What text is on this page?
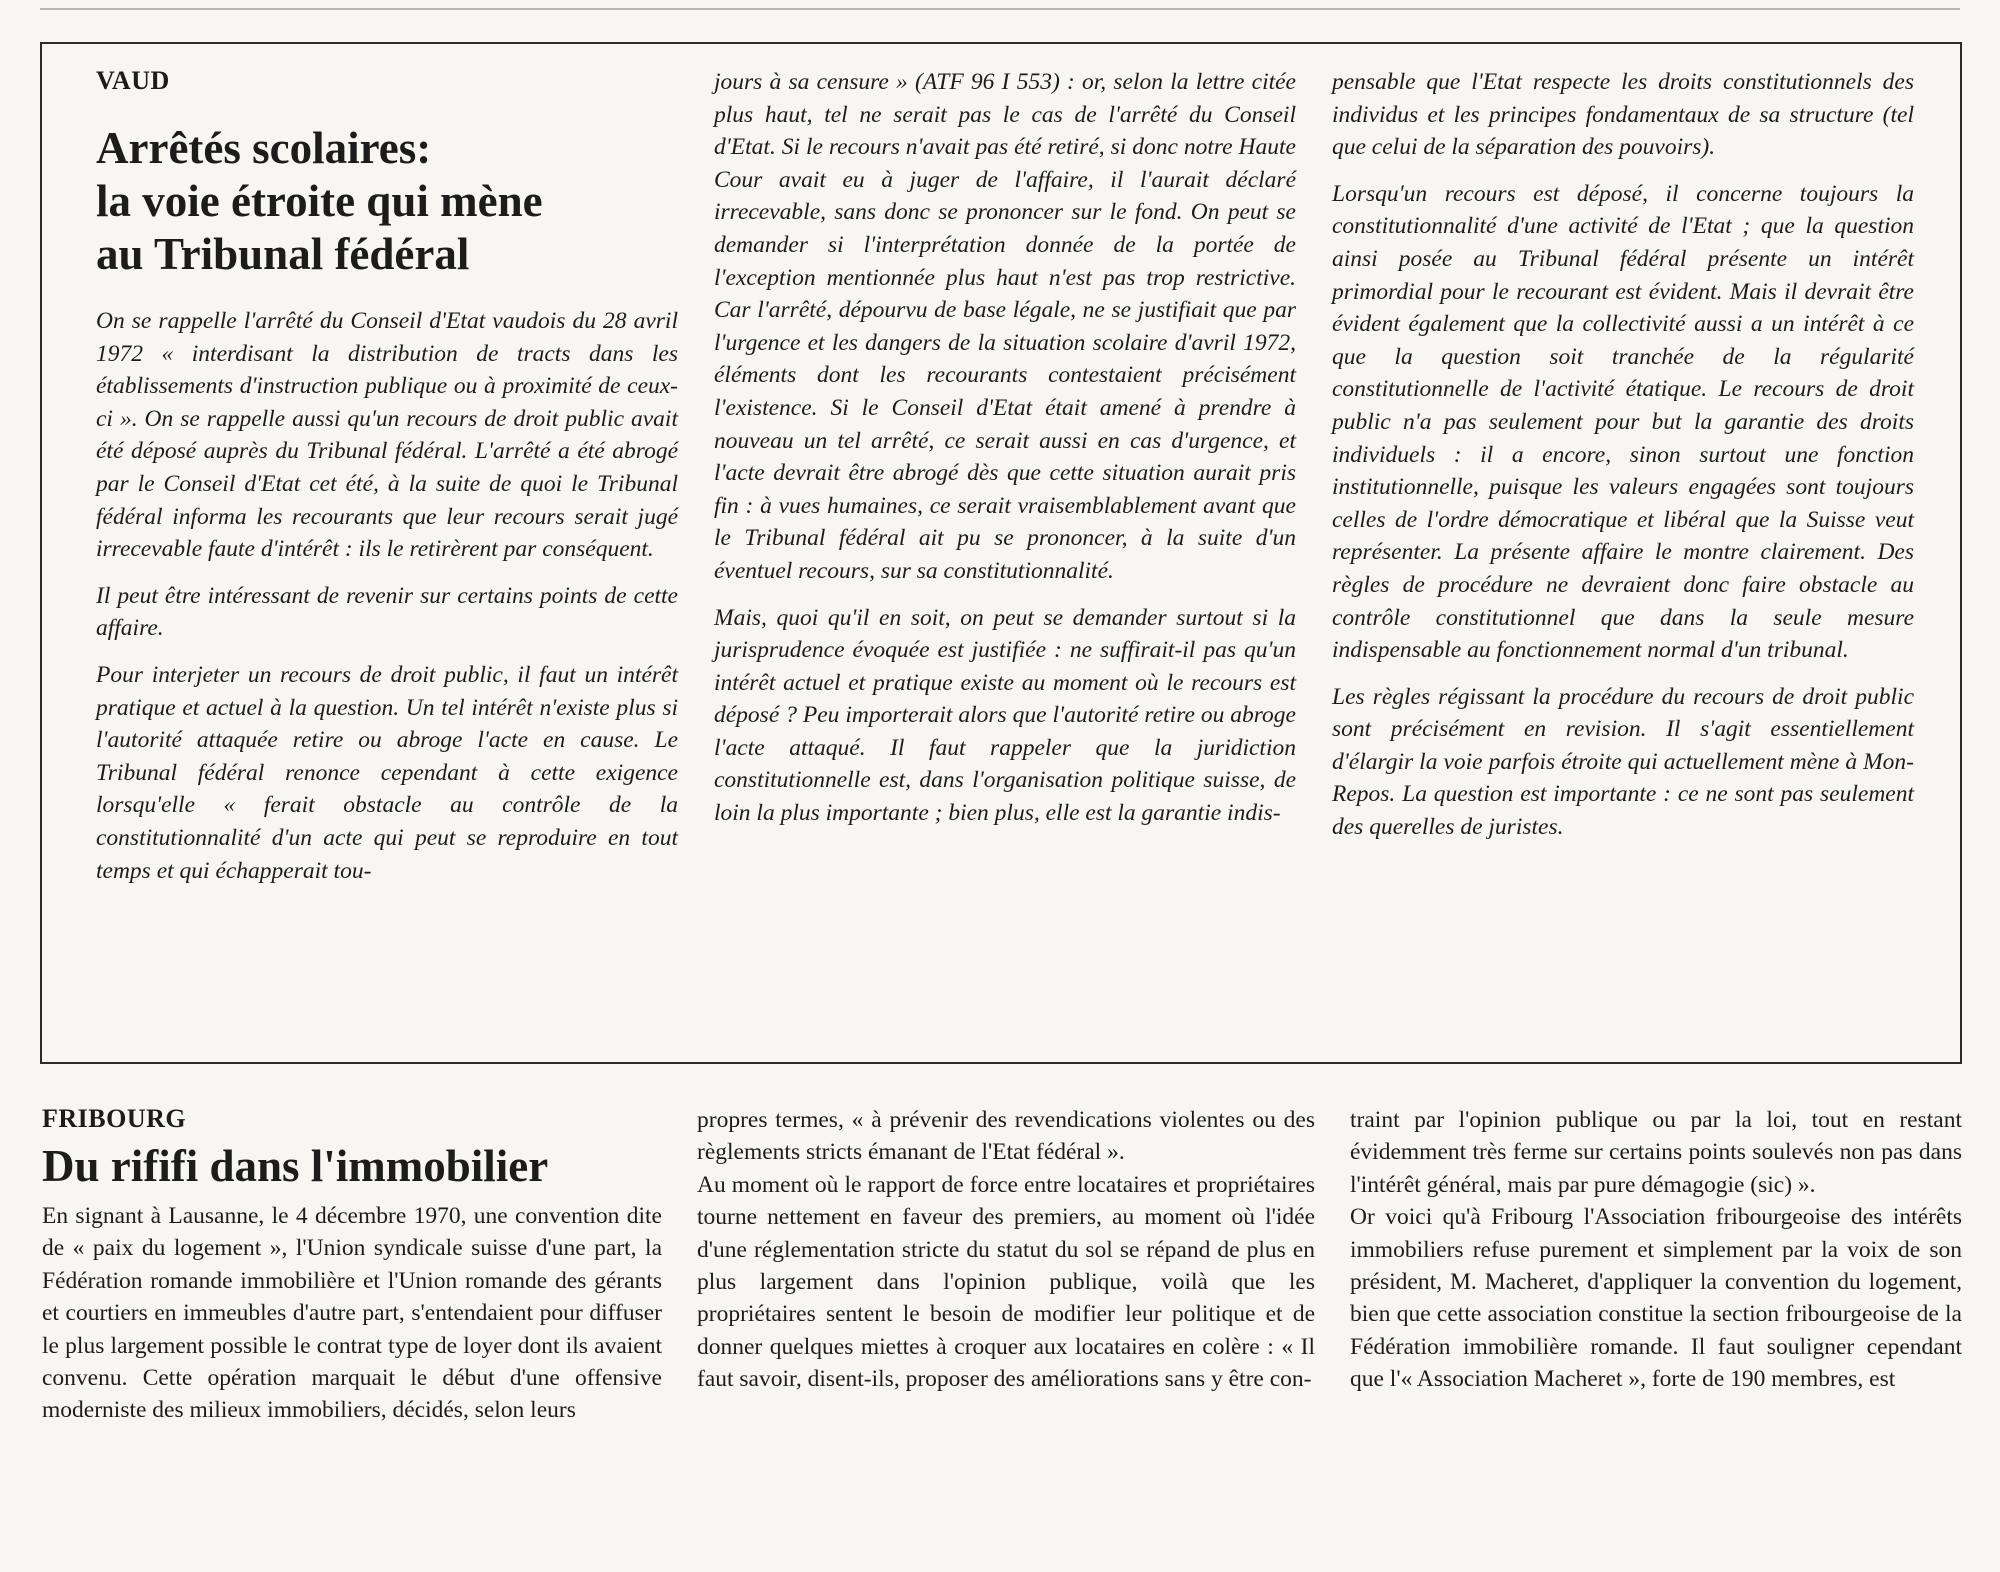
VAUD
Arrêtés scolaires:
la voie étroite qui mène
au Tribunal fédéral

On se rappelle l'arrêté du Conseil d'Etat vaudois du 28 avril 1972 « interdisant la distribution de tracts dans les établissements d'instruction publique ou à proximité de ceux-ci ». On se rappelle aussi qu'un recours de droit public avait été déposé auprès du Tribunal fédéral. L'arrêté a été abrogé par le Conseil d'Etat cet été, à la suite de quoi le Tribunal fédéral informa les recourants que leur recours serait jugé irrecevable faute d'intérêt : ils le retirèrent par conséquent.

Il peut être intéressant de revenir sur certains points de cette affaire.

Pour interjeter un recours de droit public, il faut un intérêt pratique et actuel à la question. Un tel intérêt n'existe plus si l'autorité attaquée retire ou abroge l'acte en cause. Le Tribunal fédéral renonce cependant à cette exigence lorsqu'elle « ferait obstacle au contrôle de la constitutionnalité d'un acte qui peut se reproduire en tout temps et qui échapperait tou-

jours à sa censure » (ATF 96 I 553) : or, selon la lettre citée plus haut, tel ne serait pas le cas de l'arrêté du Conseil d'Etat. Si le recours n'avait pas été retiré, si donc notre Haute Cour avait eu à juger de l'affaire, il l'aurait déclaré irrecevable, sans donc se prononcer sur le fond. On peut se demander si l'interprétation donnée de la portée de l'exception mentionnée plus haut n'est pas trop restrictive. Car l'arrêté, dépourvu de base légale, ne se justifiait que par l'urgence et les dangers de la situation scolaire d'avril 1972, éléments dont les recourants contestaient précisément l'existence. Si le Conseil d'Etat était amené à prendre à nouveau un tel arrêté, ce serait aussi en cas d'urgence, et l'acte devrait être abrogé dès que cette situation aurait pris fin : à vues humaines, ce serait vraisemblablement avant que le Tribunal fédéral ait pu se prononcer, à la suite d'un éventuel recours, sur sa constitutionnalité.

Mais, quoi qu'il en soit, on peut se demander surtout si la jurisprudence évoquée est justifiée : ne suffirait-il pas qu'un intérêt actuel et pratique existe au moment où le recours est déposé ? Peu importerait alors que l'autorité retire ou abroge l'acte attaqué. Il faut rappeler que la juridiction constitutionnelle est, dans l'organisation politique suisse, de loin la plus importante ; bien plus, elle est la garantie indis-

pensable que l'Etat respecte les droits constitutionnels des individus et les principes fondamentaux de sa structure (tel que celui de la séparation des pouvoirs).

Lorsqu'un recours est déposé, il concerne toujours la constitutionnalité d'une activité de l'Etat ; que la question ainsi posée au Tribunal fédéral présente un intérêt primordial pour le recourant est évident. Mais il devrait être évident également que la collectivité aussi a un intérêt à ce que la question soit tranchée de la régularité constitutionnelle de l'activité étatique. Le recours de droit public n'a pas seulement pour but la garantie des droits individuels : il a encore, sinon surtout une fonction institutionnelle, puisque les valeurs engagées sont toujours celles de l'ordre démocratique et libéral que la Suisse veut représenter. La présente affaire le montre clairement. Des règles de procédure ne devraient donc faire obstacle au contrôle constitutionnel que dans la seule mesure indispensable au fonctionnement normal d'un tribunal.

Les règles régissant la procédure du recours de droit public sont précisément en revision. Il s'agit essentiellement d'élargir la voie parfois étroite qui actuellement mène à Mon-Repos. La question est importante : ce ne sont pas seulement des querelles de juristes.

FRIBOURG
Du rififi dans l'immobilier

En signant à Lausanne, le 4 décembre 1970, une convention dite de « paix du logement », l'Union syndicale suisse d'une part, la Fédération romande immobilière et l'Union romande des gérants et courtiers en immeubles d'autre part, s'entendaient pour diffuser le plus largement possible le contrat type de loyer dont ils avaient convenu. Cette opération marquait le début d'une offensive moderniste des milieux immobiliers, décidés, selon leurs

propres termes, « à prévenir des revendications violentes ou des règlements stricts émanant de l'Etat fédéral ».

Au moment où le rapport de force entre locataires et propriétaires tourne nettement en faveur des premiers, au moment où l'idée d'une réglementation stricte du statut du sol se répand de plus en plus largement dans l'opinion publique, voilà que les propriétaires sentent le besoin de modifier leur politique et de donner quelques miettes à croquer aux locataires en colère : « Il faut savoir, disent-ils, proposer des améliorations sans y être con-

traint par l'opinion publique ou par la loi, tout en restant évidemment très ferme sur certains points soulevés non pas dans l'intérêt général, mais par pure démagogie (sic) ».

Or voici qu'à Fribourg l'Association fribourgeoise des intérêts immobiliers refuse purement et simplement par la voix de son président, M. Macheret, d'appliquer la convention du logement, bien que cette association constitue la section fribourgeoise de la Fédération immobilière romande. Il faut souligner cependant que l'« Association Macheret », forte de 190 membres, est
